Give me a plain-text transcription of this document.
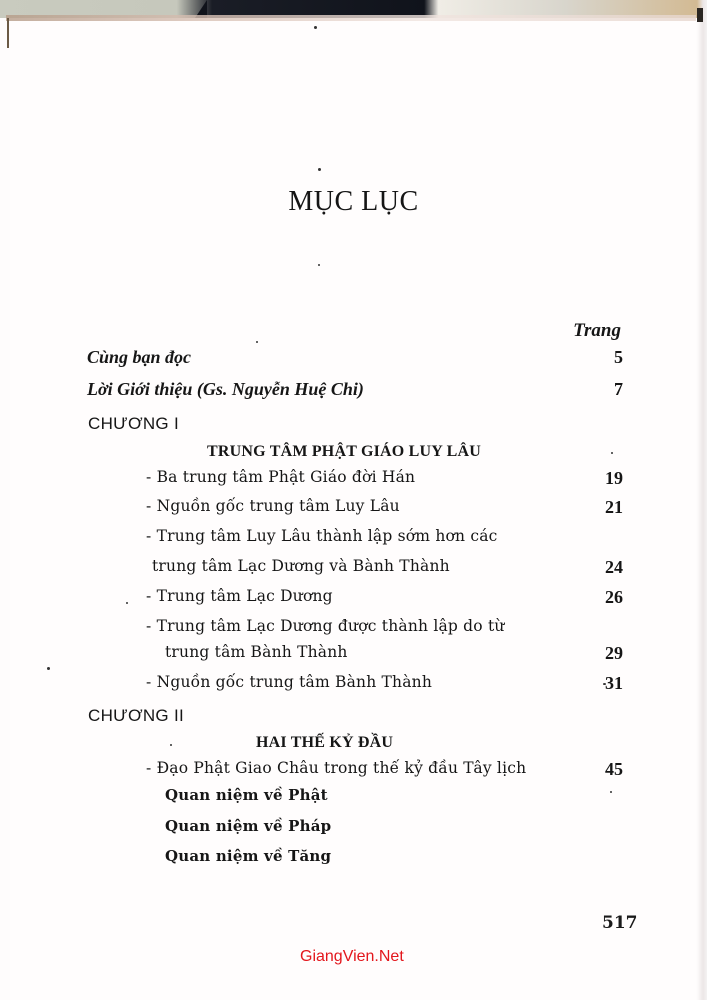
MỤC LỤC
Trang
Cùng bạn đọc	5
Lời Giới thiệu (Gs. Nguyễn Huệ Chi)	7
CHƯƠNG I
TRUNG TÂM PHẬT GIÁO LUY LÂU
- Ba trung tâm Phật Giáo đời Hán	19
- Nguồn gốc trung tâm Luy Lâu	21
- Trung tâm Luy Lâu thành lập sớm hơn các
trung tâm Lạc Dương và Bành Thành	24
- Trung tâm Lạc Dương	26
- Trung tâm Lạc Dương được thành lập do từ
trung tâm Bành Thành	29
- Nguồn gốc trung tâm Bành Thành	31
CHƯƠNG II
HAI THẾ KỶ ĐẦU
- Đạo Phật Giao Châu trong thế kỷ đầu Tây lịch	45
Quan niệm về Phật
Quan niệm về Pháp
Quan niệm về Tăng
517
GiangVien.Net
